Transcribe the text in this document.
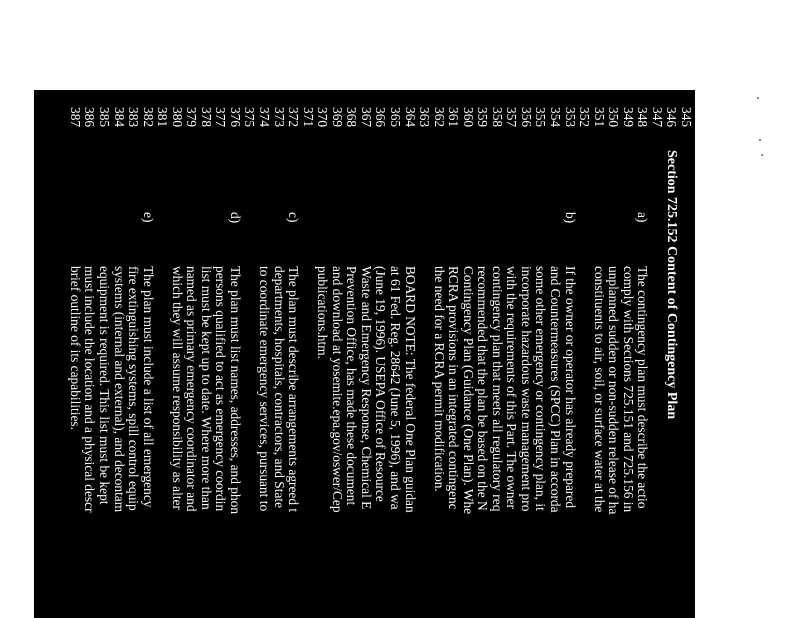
345
346
Section 725.152 Content of Contingency Plan
347
348
a)
The contingency plan must describe the actio
349
comply with Sections 725.151 and 725.156 in
350
unplanned sudden or non-sudden release of ha
351
constituents to air, soil, or surface water at the
352
353
b)
If the owner or operator has already prepared
354
and Countermeasures (SPCC) Plan in accorda
355
some other emergency or contingency plan, it
356
incorporate hazardous waste management pro
357
with the requirements of this Part. The owner
358
contingency plan that meets all regulatory req
359
recommended that the plan be based on the N
360
Contingency Plan (Guidance (One Plan). Whe
361
RCRA provisions in an integrated contingenc
362
the need for a RCRA permit modification.
363
364
BOARD NOTE: The federal One Plan guidan
365
at 61 Fed. Reg. 28642 (June 5, 1996), and wa
366
(June 19, 1996). USEPA Office of Resource
367
Waste and Emergency Response, Chemical E
368
Prevention Office, has made these document
369
and download at yosemite.epa.gov/oswer/Cep
370
publications.htm.
371
372
c)
The plan must describe arrangements agreed t
373
departments, hospitals, contractors, and State
374
to coordinate emergency services, pursuant to
375
376
d)
The plan must list names, addresses, and phon
377
persons qualified to act as emergency coordin
378
list must be kept up to date. Where more than
379
named as primary emergency coordinator and
380
which they will assume responsibility as alter
381
382
e)
The plan must include a list of all emergency
383
fire extinguishing systems, spill control equip
384
systems (internal and external), and decontam
385
equipment is required. This list must be kept
386
must include the location and a physical descr
387
brief outline of its capabilities.
